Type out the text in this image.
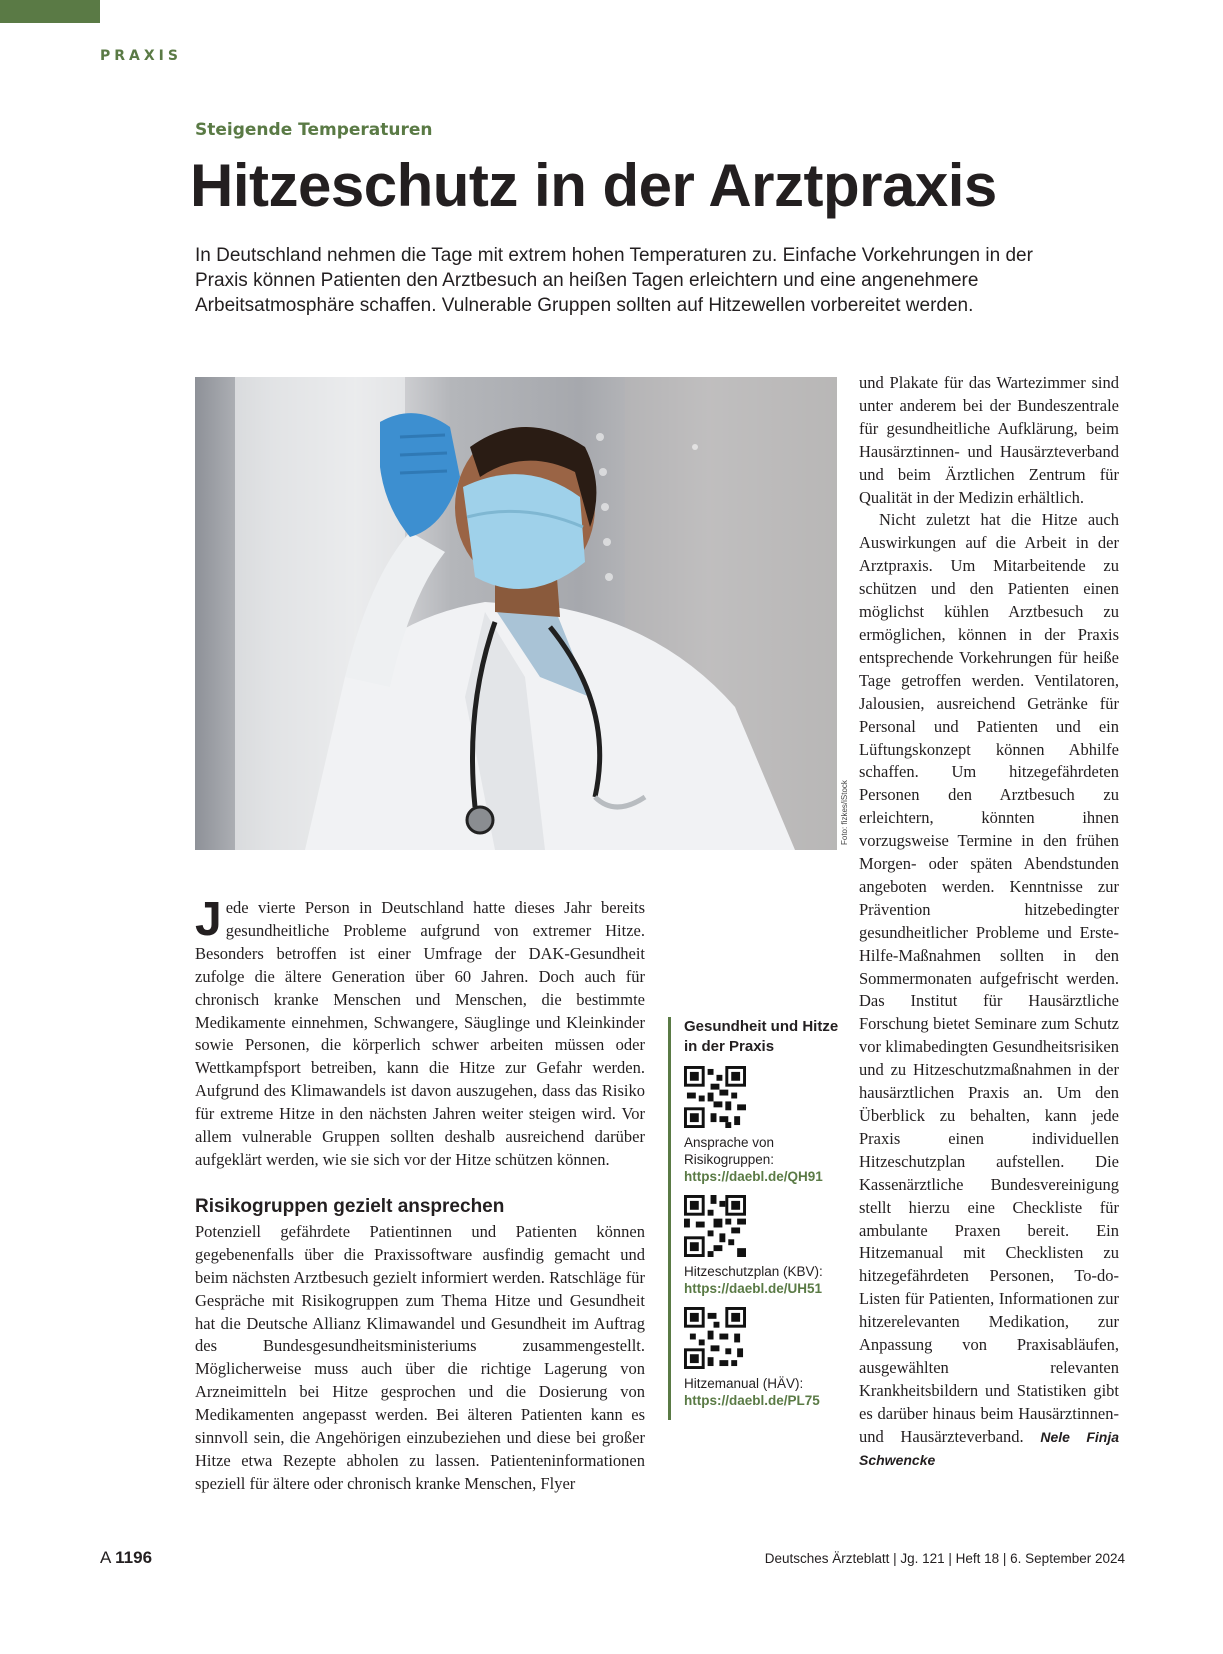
PRAXIS
Steigende Temperaturen
Hitzeschutz in der Arztpraxis
In Deutschland nehmen die Tage mit extrem hohen Temperaturen zu. Einfache Vorkehrungen in der Praxis können Patienten den Arztbesuch an heißen Tagen erleichtern und eine angenehmere Arbeitsatmosphäre schaffen. Vulnerable Gruppen sollten auf Hitzewellen vorbereitet werden.
Foto: fizkes/iStock

Jede vierte Person in Deutschland hatte dieses Jahr bereits gesundheitliche Probleme aufgrund von extremer Hitze. Besonders betroffen ist einer Umfrage der DAK-Gesundheit zufolge die ältere Generation über 60 Jahren. Doch auch für chronisch kranke Menschen und Menschen, die bestimmte Medikamente einnehmen, Schwangere, Säuglinge und Kleinkinder sowie Personen, die körperlich schwer arbeiten müssen oder Wettkampfsport betreiben, kann die Hitze zur Gefahr werden. Aufgrund des Klimawandels ist davon auszugehen, dass das Risiko für extreme Hitze in den nächsten Jahren weiter steigen wird. Vor allem vulnerable Gruppen sollten deshalb ausreichend darüber aufgeklärt werden, wie sie sich vor der Hitze schützen können.

Risikogruppen gezielt ansprechen

Potenziell gefährdete Patientinnen und Patienten können gegebenenfalls über die Praxissoftware ausfindig gemacht und beim nächsten Arztbesuch gezielt informiert werden. Ratschläge für Gespräche mit Risikogruppen zum Thema Hitze und Gesundheit hat die Deutsche Allianz Klimawandel und Gesundheit im Auftrag des Bundesgesundheitsministeriums zusammengestellt. Möglicherweise muss auch über die richtige Lagerung von Arzneimitteln bei Hitze gesprochen und die Dosierung von Medikamenten angepasst werden. Bei älteren Patienten kann es sinnvoll sein, die Angehörigen einzubeziehen und diese bei großer Hitze etwa Rezepte abholen zu lassen. Patienteninformationen speziell für ältere oder chronisch kranke Menschen, Flyer

und Plakate für das Wartezimmer sind unter anderem bei der Bundeszentrale für gesundheitliche Aufklärung, beim Hausärztinnen- und Hausärzteverband und beim Ärztlichen Zentrum für Qualität in der Medizin erhältlich.

Nicht zuletzt hat die Hitze auch Auswirkungen auf die Arbeit in der Arztpraxis. Um Mitarbeitende zu schützen und den Patienten einen möglichst kühlen Arztbesuch zu ermöglichen, können in der Praxis entsprechende Vorkehrungen für heiße Tage getroffen werden. Ventilatoren, Jalousien, ausreichend Getränke für Personal und Patienten und ein Lüftungskonzept können Abhilfe schaffen. Um hitzegefährdeten Personen den Arztbesuch zu erleichtern, könnten ihnen vorzugsweise Termine in den frühen Morgen- oder späten Abendstunden angeboten werden. Kenntnisse zur Prävention hitzebedingter gesundheitlicher Probleme und Erste-Hilfe-Maßnahmen sollten in den Sommermonaten aufgefrischt werden. Das Institut für Hausärztliche Forschung bietet Seminare zum Schutz vor klimabedingten Gesundheitsrisiken und zu Hitzeschutzmaßnahmen in der hausärztlichen Praxis an. Um den Überblick zu behalten, kann jede Praxis einen individuellen Hitzeschutzplan aufstellen. Die Kassenärztliche Bundesvereinigung stellt hierzu eine Checkliste für ambulante Praxen bereit. Ein Hitzemanual mit Checklisten zu hitzegefährdeten Personen, To-do-Listen für Patienten, Informationen zur hitzerelevanten Medikation, zur Anpassung von Praxisabläufen, ausgewählten relevanten Krankheitsbildern und Statistiken gibt es darüber hinaus beim Hausärztinnen- und Hausärzteverband. Nele Finja Schwencke

Gesundheit und Hitze in der Praxis
Ansprache von Risikogruppen:
https://daebl.de/QH91
Hitzeschutzplan (KBV):
https://daebl.de/UH51
Hitzemanual (HÄV):
https://daebl.de/PL75
A 1196	Deutsches Ärzteblatt | Jg. 121 | Heft 18 | 6. September 2024
